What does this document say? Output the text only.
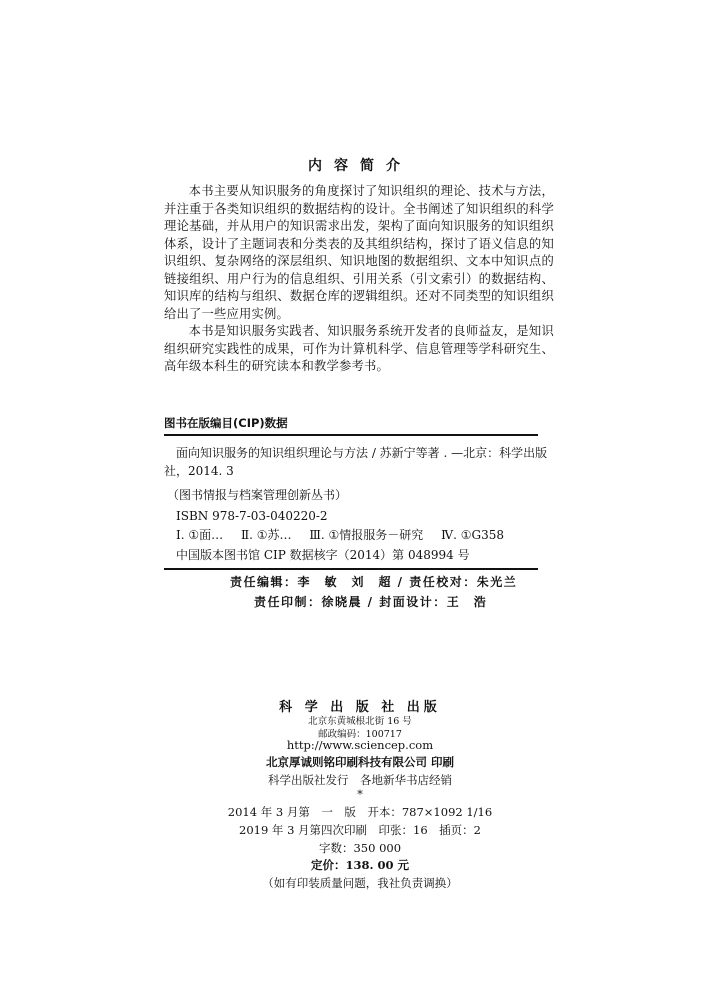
内容简介

本书主要从知识服务的角度探讨了知识组织的理论、技术与方法，并注重于各类知识组织的数据结构的设计。全书阐述了知识组织的科学理论基础，并从用户的知识需求出发，架构了面向知识服务的知识组织体系，设计了主题词表和分类表的及其组织结构，探讨了语义信息的知识组织、复杂网络的深层组织、知识地图的数据组织、文本中知识点的链接组织、用户行为的信息组织、引用关系（引文索引）的数据结构、知识库的结构与组织、数据仓库的逻辑组织。还对不同类型的知识组织给出了一些应用实例。

本书是知识服务实践者、知识服务系统开发者的良师益友，是知识组织研究实践性的成果，可作为计算机科学、信息管理等学科研究生、高年级本科生的研究读本和教学参考书。

图书在版编目(CIP)数据
面向知识服务的知识组织理论与方法 / 苏新宁等著 . —北京：科学出版
社，2014. 3
（图书情报与档案管理创新丛书）
ISBN 978-7-03-040220-2
Ⅰ. ①面… Ⅱ. ①苏… Ⅲ. ①情报服务－研究 Ⅳ. ①G358
中国版本图书馆 CIP 数据核字（2014）第 048994 号
责任编辑：李　敏　刘　超 / 责任校对：朱光兰
责任印制：徐晓晨 / 封面设计：王　浩
科 学 出 版 社 出版
北京东黄城根北街 16 号
邮政编码：100717
http://www.sciencep.com
北京厚诚则铭印刷科技有限公司 印刷
科学出版社发行　各地新华书店经销
*
2014 年 3 月第　一　版　开本：787×1092 1/16
2019 年 3 月第四次印刷　印张：16　插页：2
字数：350 000
定价：138. 00 元
（如有印装质量问题，我社负责调换）
